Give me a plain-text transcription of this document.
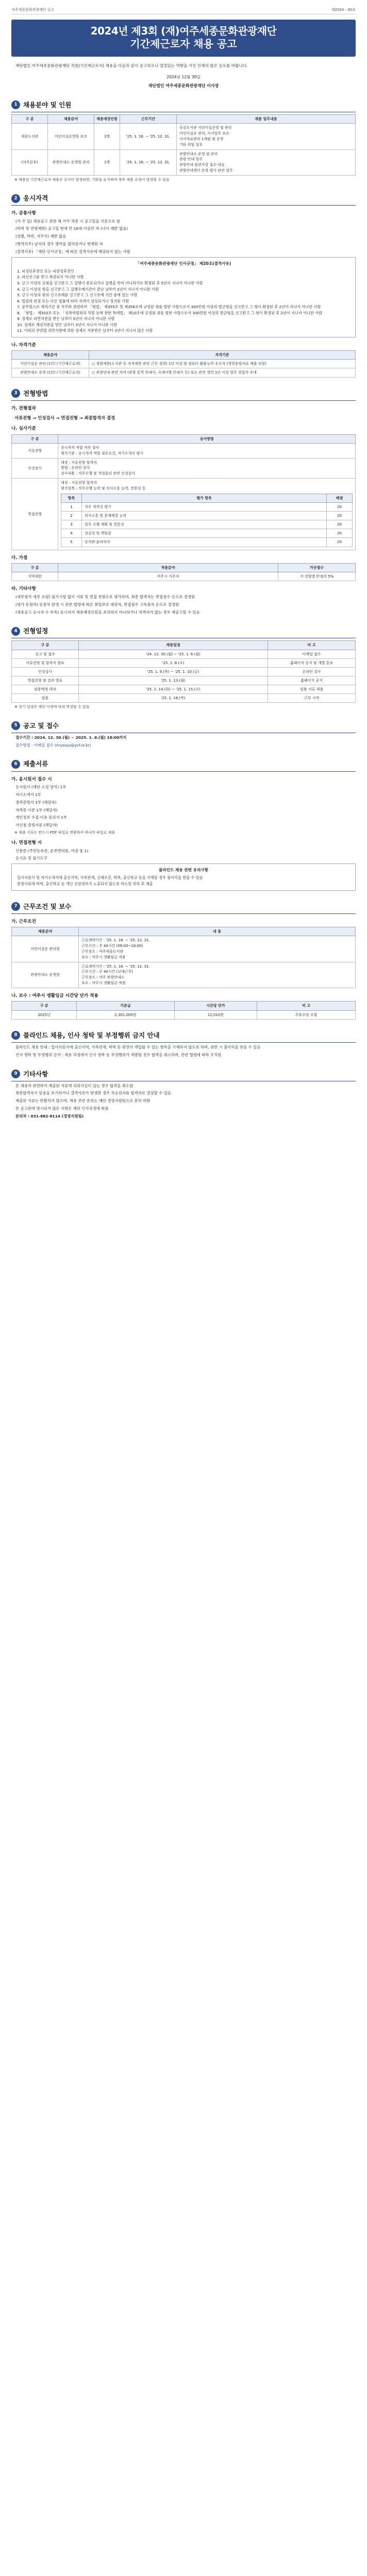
여주세종문화관광재단 공고	제2024 - 00호
2024년 제3회 (재)여주세종문화관광재단
기간제근로자 채용 공고
재단법인 여주세종문화관광재단 직원(기간제근로자) 채용을 다음과 같이 공고하오니 열정있는 역량을 가진 인재의 많은 응모를 바랍니다.
2024년 12월 30일
재단법인 여주세종문화관광재단 이사장
1 채용분야 및 인원
구 분	채용분야	채용예정인원	근무기간	채용 업무내용
세종도서관	어린이실운영원 보조	1명	'25. 1. 16. ~ '25. 12. 31.	공공도서관 어린이실운영 및 관리
어린이실운 관리, 사서업무 보조
사서자료관리 1개팀 및 운영
기타 위임 업무

(여주본부)	관광안내소 운영원 관리	1명	'25. 1. 16. ~ '25. 12. 31.	관광안내소 운영 및 관리
관광 안내 업무
관광안내 불편사항 접수·대응
관광안내센터 운영 평가 관련 업무
※ 채용된 기간제근로자 채용은 공석이 발생하면, 기한을 유지하며 향후 채용 요청이 발생할 수 있음
2 응시자격
가. 공통사항
(거 주 일) 채용공고 관련 해 거주 직종 시 공고일을 기준으로 함
(학력 및 연령제한) 공고일 현재 만 18세 이상인 자 (나이 제한 없음)
(성별, 학력, 지주지) 제한 없음
(병역의무) 남자의 경우 병역을 필하였거나 면제된 자
(결격사유) 「재단 인사규정」에 따른 결격사유에 해당되지 않는 사람
「여주세종문화관광재단 인사규정」 제20조(결격사유)
1. 피성년후견인 또는 피한정후견인
2. 파산선고를 받고 복권되지 아니한 사람
3. 금고 이상의 실형을 선고받고 그 집행이 종료되거나 집행을 받지 아니하기로 확정된 후 5년이 지나지 아니한 사람
4. 금고 이상의 형을 선고받고 그 집행유예기간이 끝난 날부터 2년이 지나지 아니한 사람
5. 금고 이상의 형의 선고유예를 선고받고 그 선고유예 기간 중에 있는 사람
6. 법원의 판결 또는 다른 법률에 따라 자격이 상실되거나 정지된 사람
7. 공무원으로 재직기간 중 직무와 관련하여 「형법」 제355조 및 제356조에 규정된 죄를 범한 사람으로서 300만원 이상의 벌금형을 선고받고 그 형이 확정된 후 2년이 지나지 아니한 사람
8. 「형법」 제303조 또는 「성폭력범죄의 처벌 등에 관한 특례법」 제10조에 규정된 죄를 범한 사람으로서 300만원 이상의 벌금형을 선고받고 그 형이 확정된 후 2년이 지나지 아니한 사람
9. 징계로 파면처분을 받은 날부터 5년이 지나지 아니한 사람
10. 징계로 해임처분을 받은 날부터 3년이 지나지 아니한 사람
11. 이외의 관련법 위반사항에 의한 징계로 처분받은 날부터 3년이 지나지 않은 사람
나. 자격기준
채용분야	자격기준
어린이실운 관리 (1인) (기간제근로자)	○ 정원제한(도서관 등 자격제한 관련 근무 경력) 1년 이상 및 컴퓨터 활용능력 우수자 (경력증빙자료 제출 요망)
관광안내소 운영 (1인) (기간제근로자)	○ 관광안내 관련 자격 (관광 통역 안내사, 국내여행 안내사 등) 또는 관련 경력 1년 이상 업무 경험자 우대
3 전형방법
가. 전형절차
서류전형 → 인성검사 → 면접전형 → 최종합격자 결정
나. 심사기준
구 분	심사방법
서류전형	
응시자격 적합 여부 심사
평가기준 : 응시자격 적합 필요요건, 자기소개서 평가

인성검사	
대상 : 서류전형 합격자
방법 : 온라인 검사
검사내용 : 직무수행 및 직업윤리 관련 인성검사

면접전형	
대상 : 서류전형 합격자
평가항목 : 직무수행 능력 및 의사소통 능력, 전문성 등
항목	평가 항목	배점
1	직무 적격성 평가	20
2	의사소통 및 문제해결 능력	20
3	업무 수행 계획 및 전문성	20
4	성실성 및 책임감	20
5	공직관·윤리의식	20
다. 가점
구 분	적용분야	가산점수
지역제한	여주시 거주자	각 전형별 만점의 5%
라. 기타사항
(세부평가 세부 요령) 필기시험 없이 서류 및 면접 전형으로 평가하며, 최종 합격자는 면접점수 순으로 결정함
(평가 동점자) 동점자 발생 시 관련 법령에 따른 취업보호 대상자, 면접점수 고득점자 순으로 결정함
(채용공고 응시자 수 부족) 응시자가 채용예정인원을 초과하지 아니하거나 적격자가 없는 경우 재공고할 수 있음
4 전형일정
구 분	채용일정	비 고
공고 및 접수	'24. 12. 30.(월) ~ '25. 1. 6.(월)	이메일 접수
서류전형 및 합격자 발표	'25. 1. 8.(수)	홈페이지 공지 및 개별 통보
인성검사	'25. 1. 9.(목) ~ '25. 1. 10.(금)	온라인 검사
면접전형 및 결과 발표	'25. 1. 13.(월)	홈페이지 공지
임용예정 대상	'25. 1. 14.(화) ~ '25. 1. 15.(수)	임용 서류 제출
임용	'25. 1. 16.(목)	근무 시작
※ 상기 일정은 재단 사정에 따라 변경될 수 있음
5 공고 및 접수
접수기간 : 2024. 12. 30.(월) ~ 2025. 1. 6.(월) 18:00까지
접수방법 : 이메일 접수 (hryeoju@ycf.or.kr)
6 제출서류
가. 응시원서 접수 시
응시원서 (재단 소정 양식) 1부
자기소개서 1부
경력증명서 1부 (해당자)
자격증 사본 1부 (해당자)
개인정보 수집·이용 동의서 1부
가산점 증빙서류 (해당자)
※ 제출 서류는 반드시 PDF 파일로 변환하여 하나의 파일로 제출
나. 면접전형 시
신분증 (주민등록증, 운전면허증, 여권 중 1)
응시표 및 필기도구
블라인드 채용 관련 유의사항
입사지원서 및 자기소개서에 출신지역, 가족관계, 신체조건, 학력, 출신학교 등을 기재할 경우 불이익을 받을 수 있음
증빙서류에 학력, 출신학교 등 개인 신상정보가 노출되지 않도록 마스킹 처리 후 제출
7 근무조건 및 보수
가. 근무조건
채용분야	내 용
어린이실운 관리원	근로계약기간 : '25. 1. 16. ~ '25. 12. 31.
근무시간 : 주 40시간 (09:00~18:00)
근무장소 : 여주세종도서관
보수 : 여주시 생활임금 적용

관광안내소 운영원	근로계약기간 : '25. 1. 16. ~ '25. 12. 31.
근무시간 : 주 40시간 (교대근무)
근무장소 : 여주 관광안내소
보수 : 여주시 생활임금 적용
나. 보수 : 여주시 생활임금 시간당 단가 적용
구 분	기본급	시간당 단가	비 고
2025년	2,301,000원	11,010원	주휴수당 포함
8 블라인드 채용, 인사 청탁 및 부정행위 금지 안내
블라인드 채용 안내 : 입사지원서에 출신지역, 가족관계, 학력 등 편견이 개입될 수 있는 항목을 기재하지 않도록 하며, 위반 시 불이익을 받을 수 있음
인사 청탁 및 부정행위 금지 : 채용 과정에서 인사 청탁 등 부정행위가 적발될 경우 합격을 취소하며, 관련 법령에 따라 조치함
9 기타사항
본 채용과 관련하여 제출된 서류에 허위사실이 있는 경우 합격을 취소함
최종합격자가 임용을 포기하거나 결격사유가 발생한 경우 차순위자를 합격자로 결정할 수 있음
제출된 서류는 반환하지 않으며, 채용 관련 문의는 재단 경영지원팀으로 문의 바람
본 공고문에 명시되지 않은 사항은 재단 인사규정에 따름
문의처 : 031-882-8114 (경영지원팀)
